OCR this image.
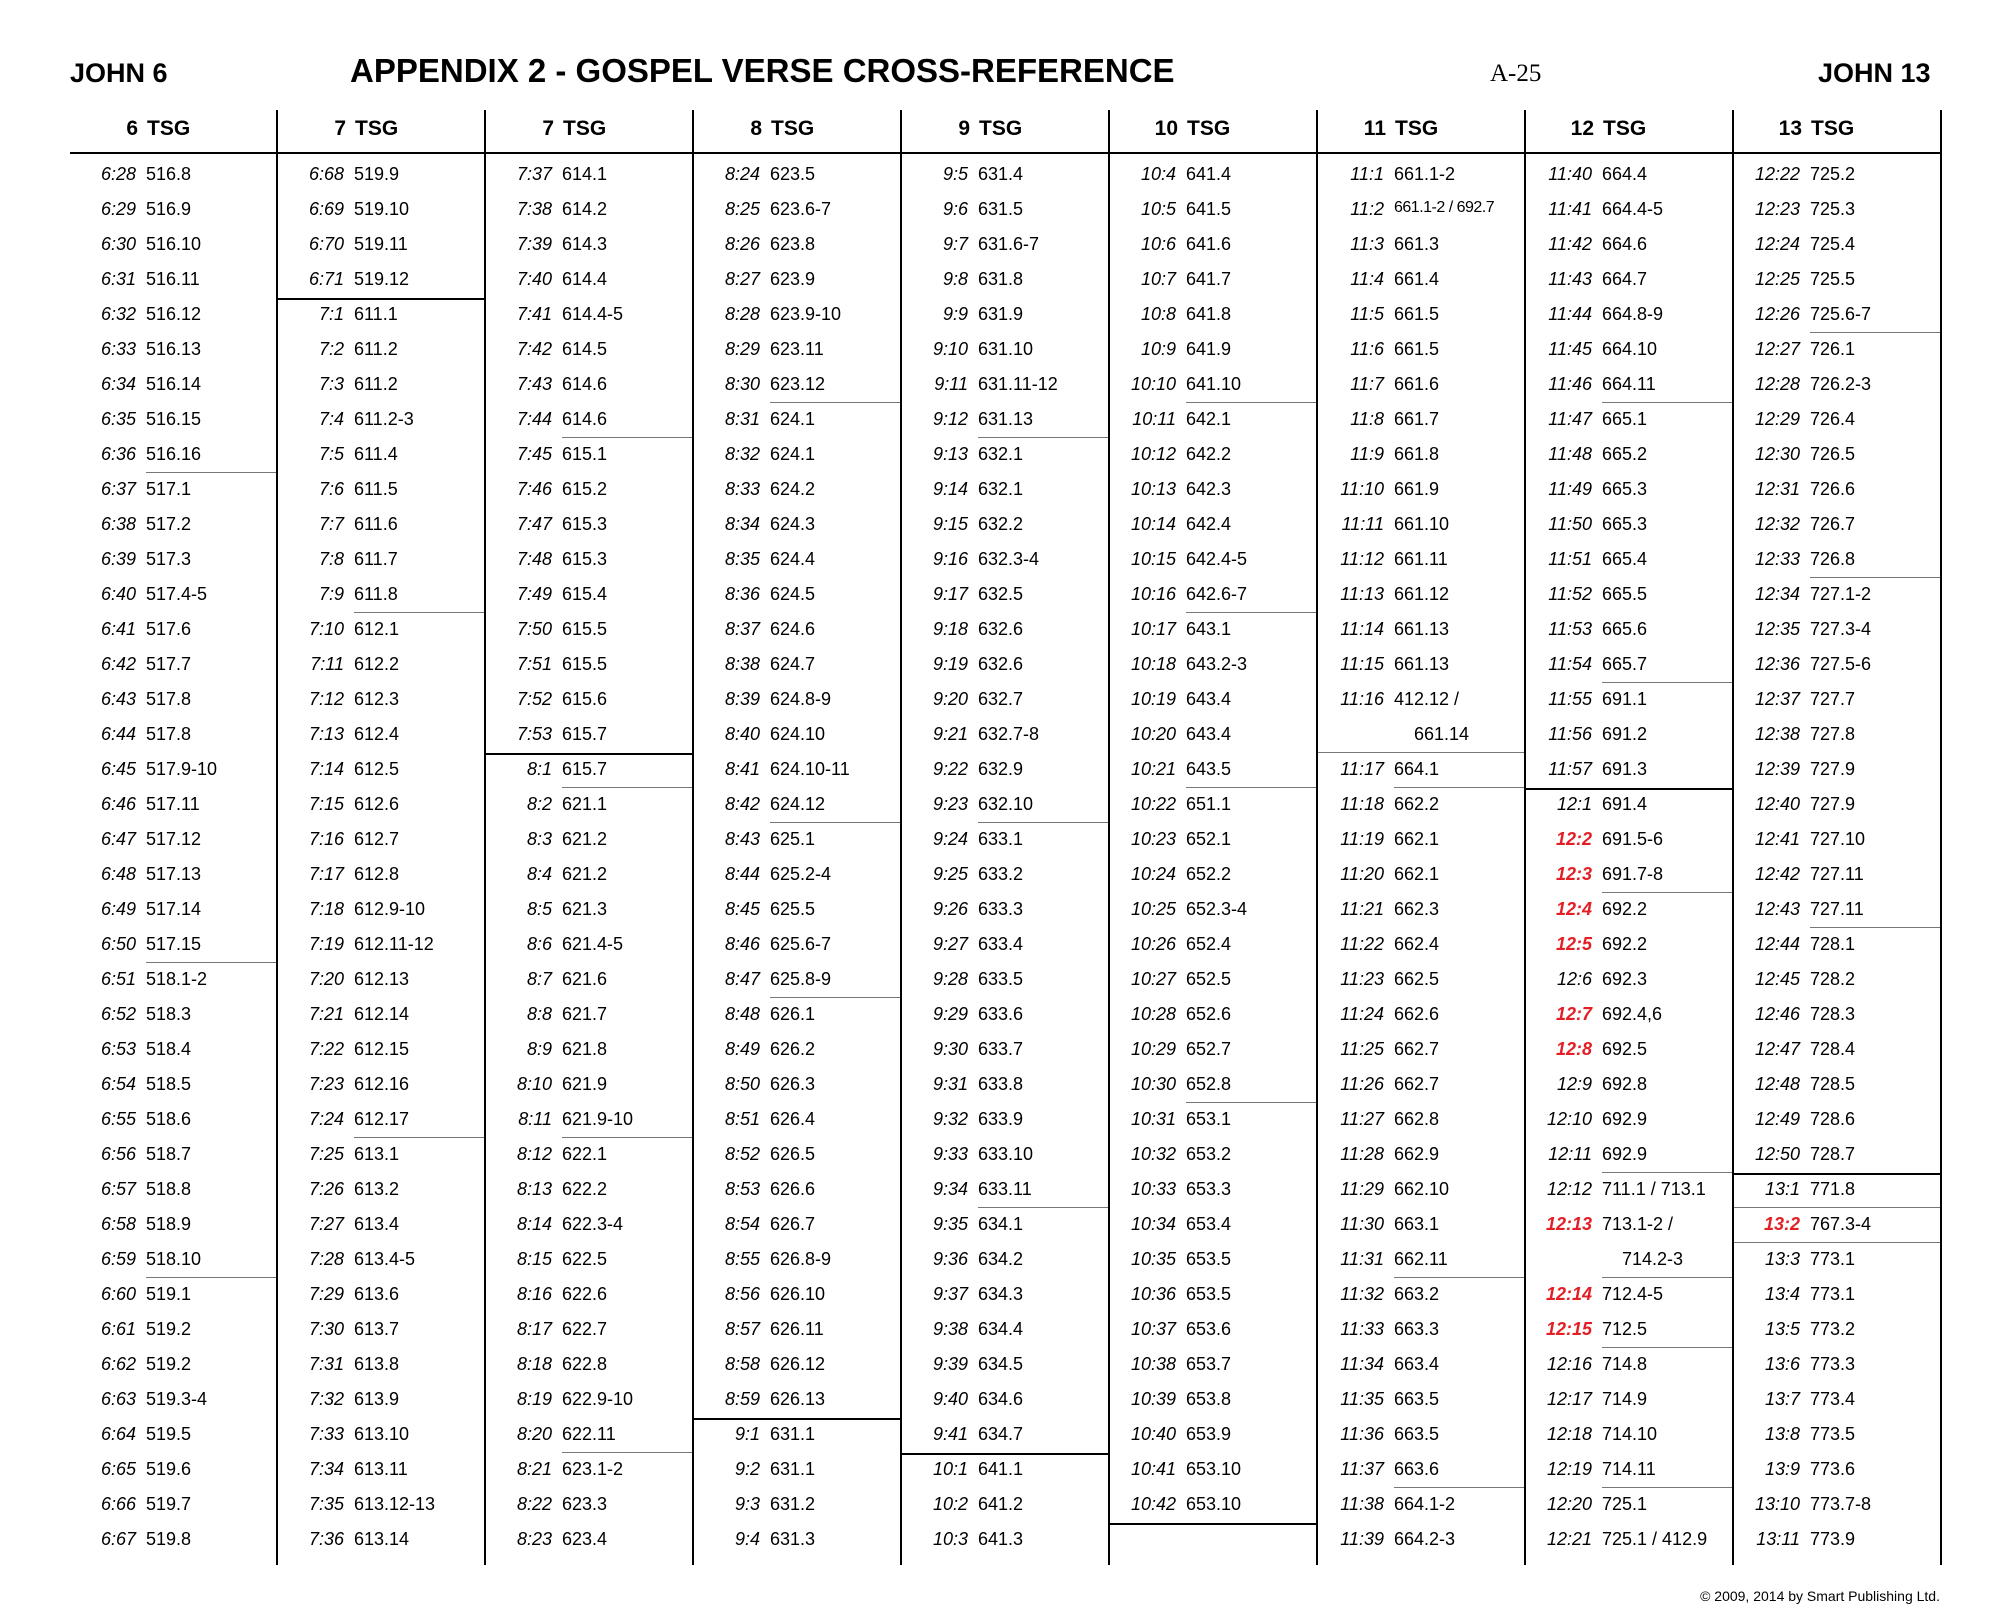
JOHN 6	APPENDIX 2 - GOSPEL VERSE CROSS-REFERENCE	A-25	JOHN 13
6 TSG
6:28 516.8
6:29 516.9
6:30 516.10
6:31 516.11
6:32 516.12
6:33 516.13
6:34 516.14
6:35 516.15
6:36 516.16
6:37 517.1
6:38 517.2
6:39 517.3
6:40 517.4-5
6:41 517.6
6:42 517.7
6:43 517.8
6:44 517.8
6:45 517.9-10
6:46 517.11
6:47 517.12
6:48 517.13
6:49 517.14
6:50 517.15
6:51 518.1-2
6:52 518.3
6:53 518.4
6:54 518.5
6:55 518.6
6:56 518.7
6:57 518.8
6:58 518.9
6:59 518.10
6:60 519.1
6:61 519.2
6:62 519.2
6:63 519.3-4
6:64 519.5
6:65 519.6
6:66 519.7
6:67 519.8
7 TSG
6:68 519.9
6:69 519.10
6:70 519.11
6:71 519.12
7:1 611.1
7:2 611.2
7:3 611.2
7:4 611.2-3
7:5 611.4
7:6 611.5
7:7 611.6
7:8 611.7
7:9 611.8
7:10 612.1
7:11 612.2
7:12 612.3
7:13 612.4
7:14 612.5
7:15 612.6
7:16 612.7
7:17 612.8
7:18 612.9-10
7:19 612.11-12
7:20 612.13
7:21 612.14
7:22 612.15
7:23 612.16
7:24 612.17
7:25 613.1
7:26 613.2
7:27 613.4
7:28 613.4-5
7:29 613.6
7:30 613.7
7:31 613.8
7:32 613.9
7:33 613.10
7:34 613.11
7:35 613.12-13
7:36 613.14
7 TSG
7:37 614.1
7:38 614.2
7:39 614.3
7:40 614.4
7:41 614.4-5
7:42 614.5
7:43 614.6
7:44 614.6
7:45 615.1
7:46 615.2
7:47 615.3
7:48 615.3
7:49 615.4
7:50 615.5
7:51 615.5
7:52 615.6
7:53 615.7
8:1 615.7
8:2 621.1
8:3 621.2
8:4 621.2
8:5 621.3
8:6 621.4-5
8:7 621.6
8:8 621.7
8:9 621.8
8:10 621.9
8:11 621.9-10
8:12 622.1
8:13 622.2
8:14 622.3-4
8:15 622.5
8:16 622.6
8:17 622.7
8:18 622.8
8:19 622.9-10
8:20 622.11
8:21 623.1-2
8:22 623.3
8:23 623.4
8 TSG
8:24 623.5
8:25 623.6-7
8:26 623.8
8:27 623.9
8:28 623.9-10
8:29 623.11
8:30 623.12
8:31 624.1
8:32 624.1
8:33 624.2
8:34 624.3
8:35 624.4
8:36 624.5
8:37 624.6
8:38 624.7
8:39 624.8-9
8:40 624.10
8:41 624.10-11
8:42 624.12
8:43 625.1
8:44 625.2-4
8:45 625.5
8:46 625.6-7
8:47 625.8-9
8:48 626.1
8:49 626.2
8:50 626.3
8:51 626.4
8:52 626.5
8:53 626.6
8:54 626.7
8:55 626.8-9
8:56 626.10
8:57 626.11
8:58 626.12
8:59 626.13
9:1 631.1
9:2 631.1
9:3 631.2
9:4 631.3
9 TSG
9:5 631.4
9:6 631.5
9:7 631.6-7
9:8 631.8
9:9 631.9
9:10 631.10
9:11 631.11-12
9:12 631.13
9:13 632.1
9:14 632.1
9:15 632.2
9:16 632.3-4
9:17 632.5
9:18 632.6
9:19 632.6
9:20 632.7
9:21 632.7-8
9:22 632.9
9:23 632.10
9:24 633.1
9:25 633.2
9:26 633.3
9:27 633.4
9:28 633.5
9:29 633.6
9:30 633.7
9:31 633.8
9:32 633.9
9:33 633.10
9:34 633.11
9:35 634.1
9:36 634.2
9:37 634.3
9:38 634.4
9:39 634.5
9:40 634.6
9:41 634.7
10:1 641.1
10:2 641.2
10:3 641.3
10 TSG
10:4 641.4
10:5 641.5
10:6 641.6
10:7 641.7
10:8 641.8
10:9 641.9
10:10 641.10
10:11 642.1
10:12 642.2
10:13 642.3
10:14 642.4
10:15 642.4-5
10:16 642.6-7
10:17 643.1
10:18 643.2-3
10:19 643.4
10:20 643.4
10:21 643.5
10:22 651.1
10:23 652.1
10:24 652.2
10:25 652.3-4
10:26 652.4
10:27 652.5
10:28 652.6
10:29 652.7
10:30 652.8
10:31 653.1
10:32 653.2
10:33 653.3
10:34 653.4
10:35 653.5
10:36 653.5
10:37 653.6
10:38 653.7
10:39 653.8
10:40 653.9
10:41 653.10
10:42 653.10
11 TSG
11:1 661.1-2
11:2 661.1-2 / 692.7
11:3 661.3
11:4 661.4
11:5 661.5
11:6 661.5
11:7 661.6
11:8 661.7
11:9 661.8
11:10 661.9
11:11 661.10
11:12 661.11
11:13 661.12
11:14 661.13
11:15 661.13
11:16 412.12 /
661.14
11:17 664.1
11:18 662.2
11:19 662.1
11:20 662.1
11:21 662.3
11:22 662.4
11:23 662.5
11:24 662.6
11:25 662.7
11:26 662.7
11:27 662.8
11:28 662.9
11:29 662.10
11:30 663.1
11:31 662.11
11:32 663.2
11:33 663.3
11:34 663.4
11:35 663.5
11:36 663.5
11:37 663.6
11:38 664.1-2
11:39 664.2-3
12 TSG
11:40 664.4
11:41 664.4-5
11:42 664.6
11:43 664.7
11:44 664.8-9
11:45 664.10
11:46 664.11
11:47 665.1
11:48 665.2
11:49 665.3
11:50 665.3
11:51 665.4
11:52 665.5
11:53 665.6
11:54 665.7
11:55 691.1
11:56 691.2
11:57 691.3
12:1 691.4
12:2 691.5-6
12:3 691.7-8
12:4 692.2
12:5 692.2
12:6 692.3
12:7 692.4,6
12:8 692.5
12:9 692.8
12:10 692.9
12:11 692.9
12:12 711.1 / 713.1
12:13 713.1-2 /
714.2-3
12:14 712.4-5
12:15 712.5
12:16 714.8
12:17 714.9
12:18 714.10
12:19 714.11
12:20 725.1
12:21 725.1 / 412.9
13 TSG
12:22 725.2
12:23 725.3
12:24 725.4
12:25 725.5
12:26 725.6-7
12:27 726.1
12:28 726.2-3
12:29 726.4
12:30 726.5
12:31 726.6
12:32 726.7
12:33 726.8
12:34 727.1-2
12:35 727.3-4
12:36 727.5-6
12:37 727.7
12:38 727.8
12:39 727.9
12:40 727.9
12:41 727.10
12:42 727.11
12:43 727.11
12:44 728.1
12:45 728.2
12:46 728.3
12:47 728.4
12:48 728.5
12:49 728.6
12:50 728.7
13:1 771.8
13:2 767.3-4
13:3 773.1
13:4 773.1
13:5 773.2
13:6 773.3
13:7 773.4
13:8 773.5
13:9 773.6
13:10 773.7-8
13:11 773.9
© 2009, 2014 by Smart Publishing Ltd.
